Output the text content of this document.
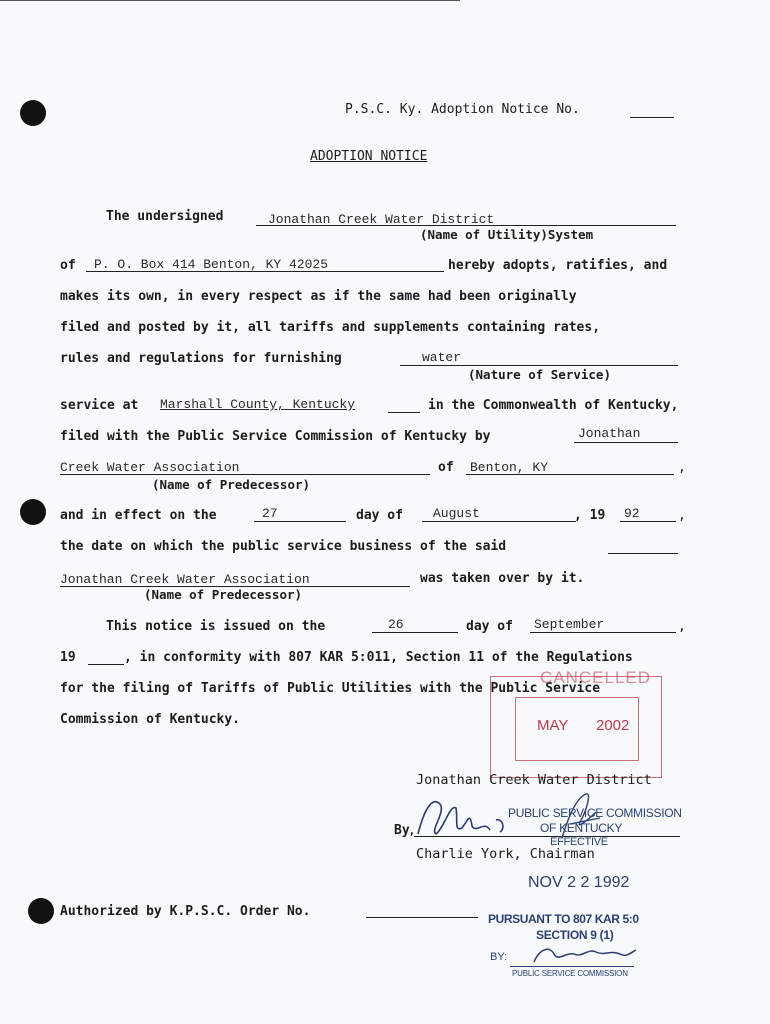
P.S.C. Ky. Adoption Notice No.
ADOPTION NOTICE
The undersigned	Jonathan Creek Water District
(Name of Utility)System
of P. O. Box 414 Benton, KY 42025	hereby adopts, ratifies, and
makes its own, in every respect as if the same had been originally
filed and posted by it, all tariffs and supplements containing rates,
rules and regulations for furnishing	water
(Nature of Service)
service at Marshall County, Kentucky	in the Commonwealth of Kentucky,
filed with the Public Service Commission of Kentucky by	Jonathan
Creek Water Association	of Benton, KY	,
(Name of Predecessor)
and in effect on the	27	day of August	, 19 92	,
the date on which the public service business of the said
Jonathan Creek Water Association	was taken over by it.
(Name of Predecessor)
This notice is issued on the	26	day of September	,
19	, in conformity with 807 KAR 5:011, Section 11 of the Regulations
for the filing of Tariffs of Public Utilities with the Public Service
Commission of Kentucky.
CANCELLED
MAY 2002
Jonathan Creek Water District
By
,
Charlie York, Chairman
PUBLIC SERVICE COMMISSION
OF KENTUCKY
EFFECTIVE
NOV 2 2 1992
PURSUANT TO 807 KAR 5:0
SECTION 9 (1)
BY:
PUBLIC SERVICE COMMISSION
Authorized by K.P.S.C. Order No.
